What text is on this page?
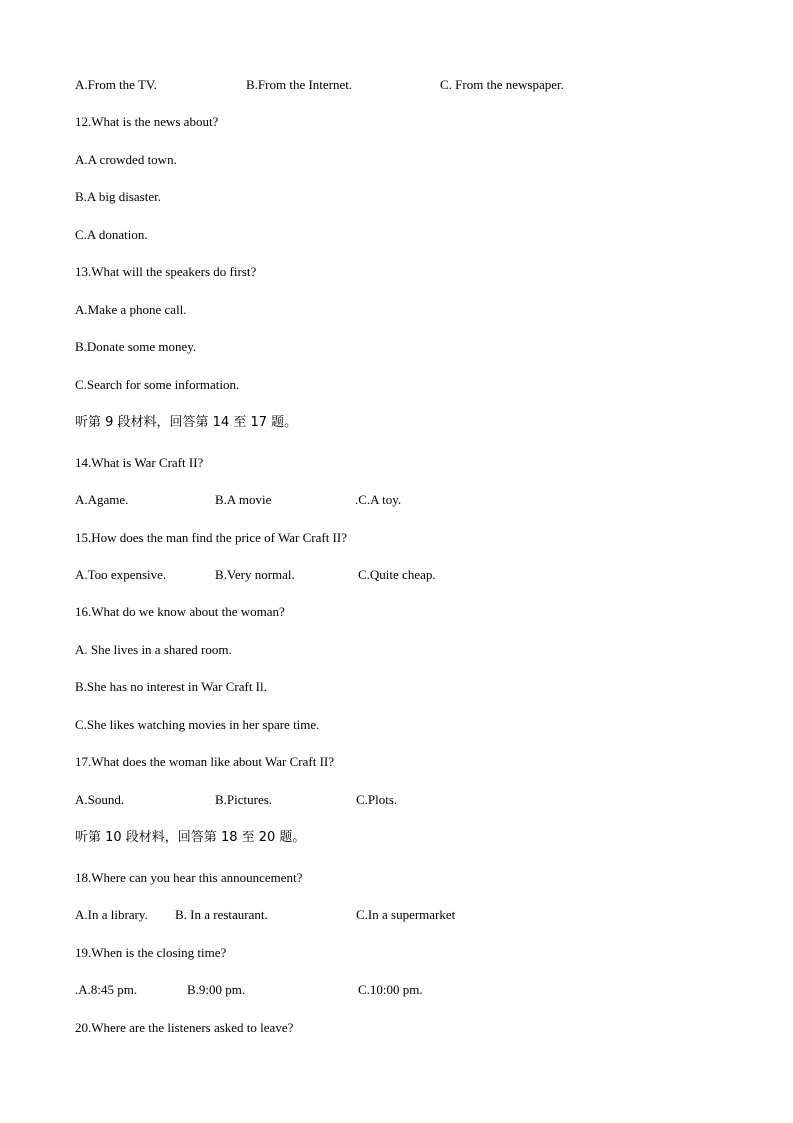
A.From the TV.	B.From the Internet.	C. From the newspaper.
12.What is the news about?
A.A crowded town.
B.A big disaster.
C.A donation.
13.What will the speakers do first?
A.Make a phone call.
B.Donate some money.
C.Search for some information.
听第 9 段材料，回答第 14 至 17 题。
14.What is War Craft II?
A.Agame.	B.A movie	.C.A toy.
15.How does the man find the price of War Craft II?
A.Too expensive.	B.Very normal.	C.Quite cheap.
16.What do we know about the woman?
A. She lives in a shared room.
B.She has no interest in War Craft Il.
C.She likes watching movies in her spare time.
17.What does the woman like about War Craft II?
A.Sound.	B.Pictures.	C.Plots.
听第 10 段材料，回答第 18 至 20 题。
18.Where can you hear this announcement?
A.In a library. B. In a restaurant.	C.In a supermarket
19.When is the closing time?
.A.8:45 pm.	B.9:00 pm.	C.10:00 pm.
20.Where are the listeners asked to leave?
